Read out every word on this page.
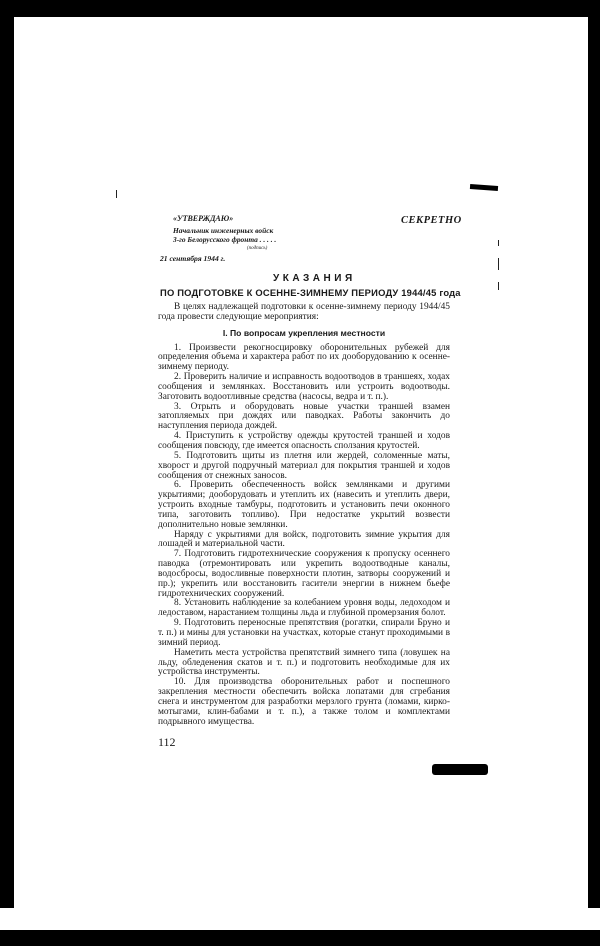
«УТВЕРЖДАЮ»
Начальник инженерных войск
3-го Белорусского фронта . . . . .
(подпись)
21 сентября 1944 г.
СЕКРЕТНО
УКАЗАНИЯ
ПО ПОДГОТОВКЕ К ОСЕННЕ-ЗИМНЕМУ ПЕРИОДУ 1944/45 года

В целях надлежащей подготовки к осенне-зимнему периоду 1944/45 года провести следующие мероприятия:

I. По вопросам укрепления местности

1. Произвести рекогносцировку оборонительных рубежей для определения объема и характера работ по их дооборудованию к осенне-зимнему периоду.

2. Проверить наличие и исправность водоотводов в траншеях, ходах сообщения и землянках. Восстановить или устроить водоотводы. Заготовить водоотливные средства (насосы, ведра и т. п.).

3. Отрыть и оборудовать новые участки траншей взамен затопляемых при дождях или паводках. Работы закончить до наступления периода дождей.

4. Приступить к устройству одежды крутостей траншей и ходов сообщения повсюду, где имеется опасность сползания крутостей.

5. Подготовить щиты из плетня или жердей, соломенные маты, хворост и другой подручный материал для покрытия траншей и ходов сообщения от снежных заносов.

6. Проверить обеспеченность войск землянками и другими укрытиями; дооборудовать и утеплить их (навесить и утеплить двери, устроить входные тамбуры, подготовить и установить печи оконного типа, заготовить топливо). При недостатке укрытий возвести дополнительно новые землянки.

Наряду с укрытиями для войск, подготовить зимние укрытия для лошадей и материальной части.

7. Подготовить гидротехнические сооружения к пропуску осеннего паводка (отремонтировать или укрепить водоотводные каналы, водосбросы, водосливные поверхности плотин, затворы сооружений и пр.); укрепить или восстановить гасители энергии в нижнем бьефе гидротехнических сооружений.

8. Установить наблюдение за колебанием уровня воды, ледоходом и ледоставом, нарастанием толщины льда и глубиной промерзания болот.

9. Подготовить переносные препятствия (рогатки, спирали Бруно и т. п.) и мины для установки на участках, которые станут проходимыми в зимний период.

Наметить места устройства препятствий зимнего типа (ловушек на льду, обледенения скатов и т. п.) и подготовить необходимые для их устройства инструменты.

10. Для производства оборонительных работ и поспешного закрепления местности обеспечить войска лопатами для сгребания снега и инструментом для разработки мерзлого грунта (ломами, кирко-мотыгами, клин-бабами и т. п.), а также толом и комплектами подрывного имущества.

112
